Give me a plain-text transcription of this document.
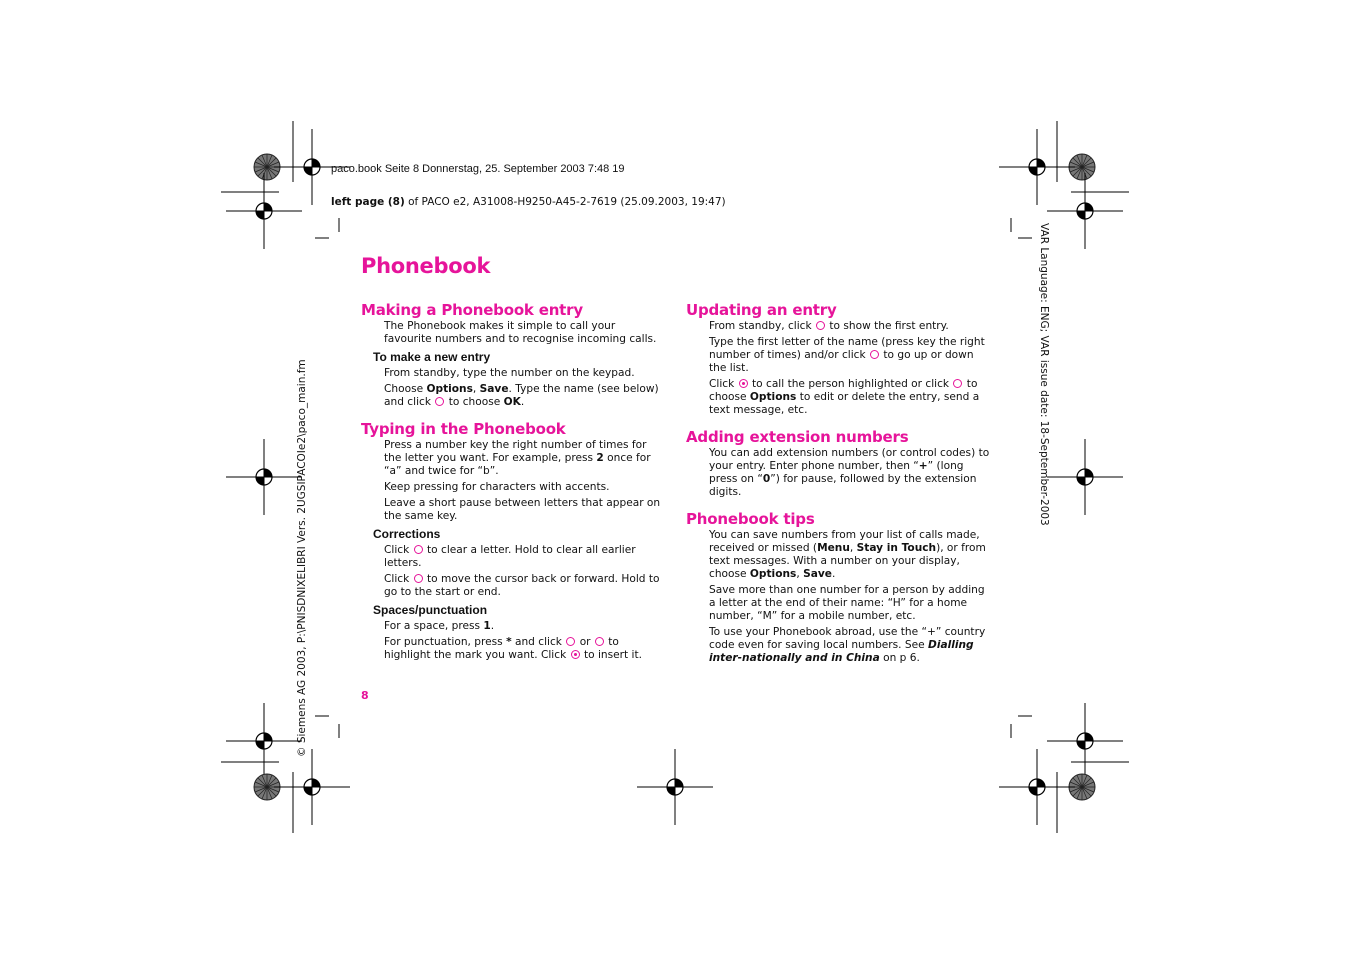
paco.book Seite 8 Donnerstag, 25. September 2003 7:48 19
left page (8) of PACO e2, A31008-H9250-A45-2-7619 (25.09.2003, 19:47)
© Siemens AG 2003, P:\PNISDNIXELIBRI Vers. 2UGSIPACOIe2\paco_main.fm	VAR Language: ENG; VAR issue date: 18-September-2003
Phonebook
Making a Phonebook entry

The Phonebook makes it simple to call your favourite numbers and to recognise incoming calls.

To make a new entry

From standby, type the number on the keypad.

Choose Options, Save. Type the name (see below) and click  to choose OK.

Typing in the Phonebook

Press a number key the right number of times for the letter you want. For example, press 2 once for “a” and twice for “b”.

Keep pressing for characters with accents.

Leave a short pause between letters that appear on the same key.

Corrections

Click  to clear a letter. Hold to clear all earlier letters.

Click  to move the cursor back or forward. Hold to go to the start or end.

Spaces/punctuation

For a space, press 1.

For punctuation, press * and click  or  to highlight the mark you want. Click  to insert it.

Updating an entry

From standby, click  to show the first entry.

Type the first letter of the name (press key the right number of times) and/or click  to go up or down the list.

Click  to call the person highlighted or click  to choose Options to edit or delete the entry, send a text message, etc.

Adding extension numbers

You can add extension numbers (or control codes) to your entry. Enter phone number, then “+” (long press on “0”) for pause, followed by the extension digits.

Phonebook tips

You can save numbers from your list of calls made, received or missed (Menu, Stay in Touch), or from text messages. With a number on your display, choose Options, Save.

Save more than one number for a person by adding a letter at the end of their name: “H” for a home number, “M” for a mobile number, etc.

To use your Phonebook abroad, use the “+” country code even for saving local numbers. See Dialling inter-nationally and in China on p 6.

8
